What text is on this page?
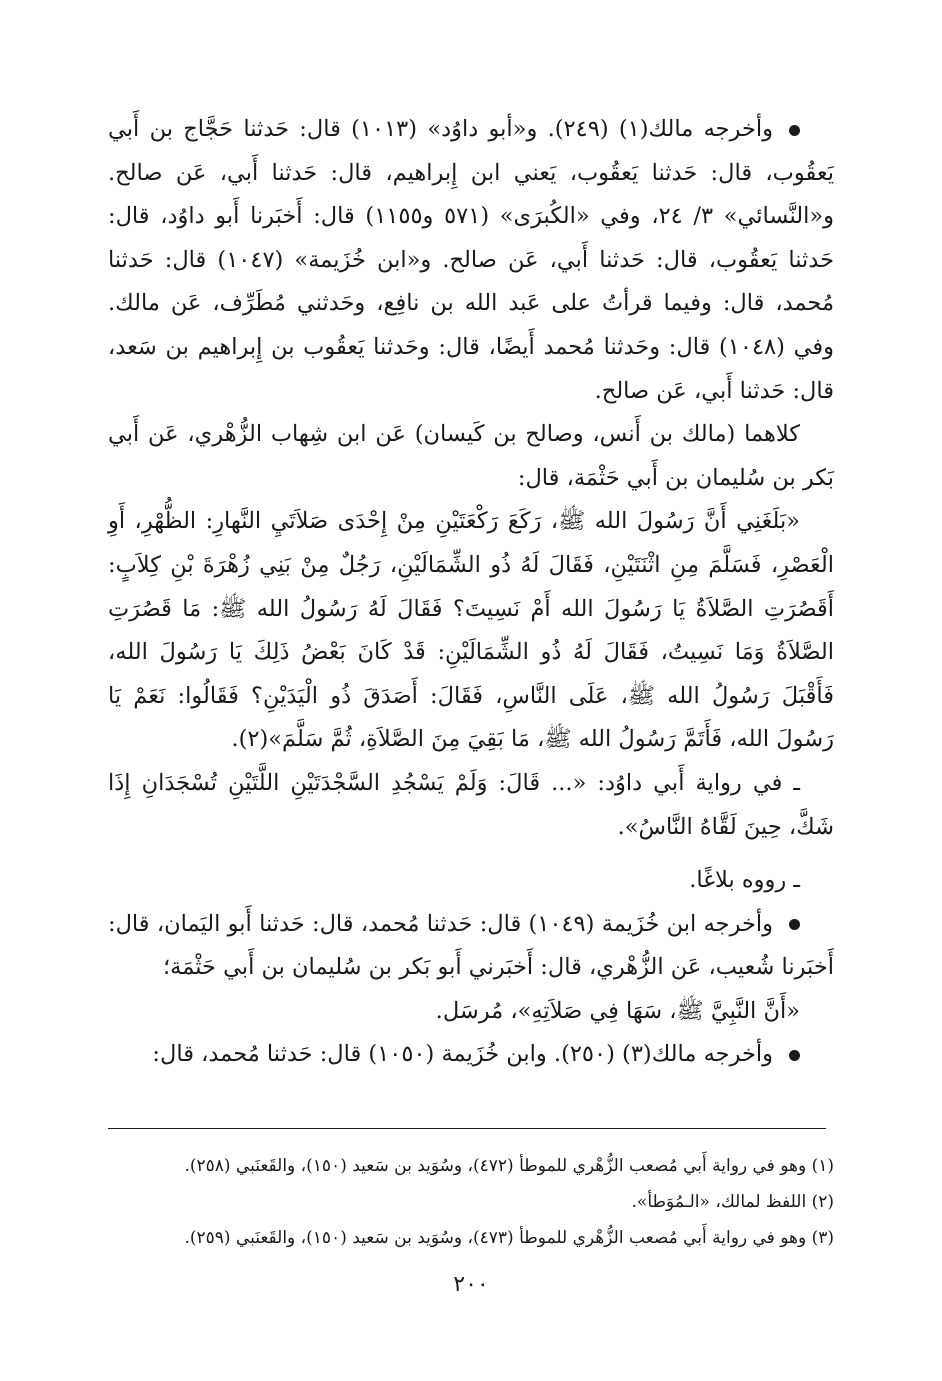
وأخرجه مالك(١) (٢٤٩). و«أبو داوُد» (١٠١٣) قال: حَدثنا حَجَّاج بن أَبي يَعقُوب، قال: حَدثنا يَعقُوب، يَعني ابن إِبراهيم، قال: حَدثنا أَبي، عَن صالح. و«النَّسائي» ٣/ ٢٤، وفي «الكُبرَى» (٥٧١ و١١٥٥) قال: أَخبَرنا أَبو داوُد، قال: حَدثنا يَعقُوب، قال: حَدثنا أَبي، عَن صالح. و«ابن خُزَيمة» (١٠٤٧) قال: حَدثنا مُحمد، قال: وفيما قرأتُ على عَبد الله بن نافِع، وحَدثني مُطَرِّف، عَن مالك. وفي (١٠٤٨) قال: وحَدثنا مُحمد أَيضًا، قال: وحَدثنا يَعقُوب بن إِبراهيم بن سَعد، قال: حَدثنا أَبي، عَن صالح.

كلاهما (مالك بن أَنس، وصالح بن كَيسان) عَن ابن شِهاب الزُّهْري، عَن أَبي بَكر بن سُليمان بن أَبي حَثْمَة، قال:

«بَلَغَنِي أَنَّ رَسُولَ الله ﷺ، رَكَعَ رَكْعَتَيْنِ مِنْ إِحْدَى صَلاَتَيِ النَّهارِ: الظُّهْرِ، أَوِ الْعَصْرِ، فَسَلَّمَ مِنِ اثْنَتَيْنِ، فَقَالَ لَهُ ذُو الشِّمَالَيْنِ، رَجُلٌ مِنْ بَنِي زُهْرَةَ بْنِ كِلاَبٍ: أَقَصُرَتِ الصَّلاَةُ يَا رَسُولَ الله أَمْ نَسِيتَ؟ فَقَالَ لَهُ رَسُولُ الله ﷺ: مَا قَصُرَتِ الصَّلاَةُ وَمَا نَسِيتُ، فَقَالَ لَهُ ذُو الشِّمَالَيْنِ: قَدْ كَانَ بَعْضُ ذَلِكَ يَا رَسُولَ الله، فَأَقْبَلَ رَسُولُ الله ﷺ، عَلَى النَّاسِ، فَقَالَ: أَصَدَقَ ذُو الْيَدَيْنِ؟ فَقَالُوا: نَعَمْ يَا رَسُولَ الله، فَأَتَمَّ رَسُولُ الله ﷺ، مَا بَقِيَ مِنَ الصَّلاَةِ، ثُمَّ سَلَّمَ»(٢).

ـ في رواية أَبي داوُد: «... قَالَ: وَلَمْ يَسْجُدِ السَّجْدَتَيْنِ اللَّتَيْنِ تُسْجَدَانِ إِذَا شَكَّ، حِينَ لَقَّاهُ النَّاسُ».

ـ رووه بلاغًا.

وأخرجه ابن خُزَيمة (١٠٤٩) قال: حَدثنا مُحمد، قال: حَدثنا أَبو اليَمان، قال: أَخبَرنا شُعيب، عَن الزُّهْري، قال: أَخبَرني أَبو بَكر بن سُليمان بن أَبي حَثْمَة؛

«أَنَّ النَّبِيَّ ﷺ، سَهَا فِي صَلاَتِهِ»، مُرسَل.

وأخرجه مالك(٣) (٢٥٠). وابن خُزَيمة (١٠٥٠) قال: حَدثنا مُحمد، قال:

(١) وهو في رواية أَبي مُصعب الزُّهْري للموطأ (٤٧٢)، وسُوَيد بن سَعيد (١٥٠)، والقَعنَبي (٢٥٨).

(٢) اللفظ لمالك، «الـمُوَطأ».

(٣) وهو في رواية أَبي مُصعب الزُّهْري للموطأ (٤٧٣)، وسُوَيد بن سَعيد (١٥٠)، والقَعنَبي (٢٥٩).

٢٠٠
